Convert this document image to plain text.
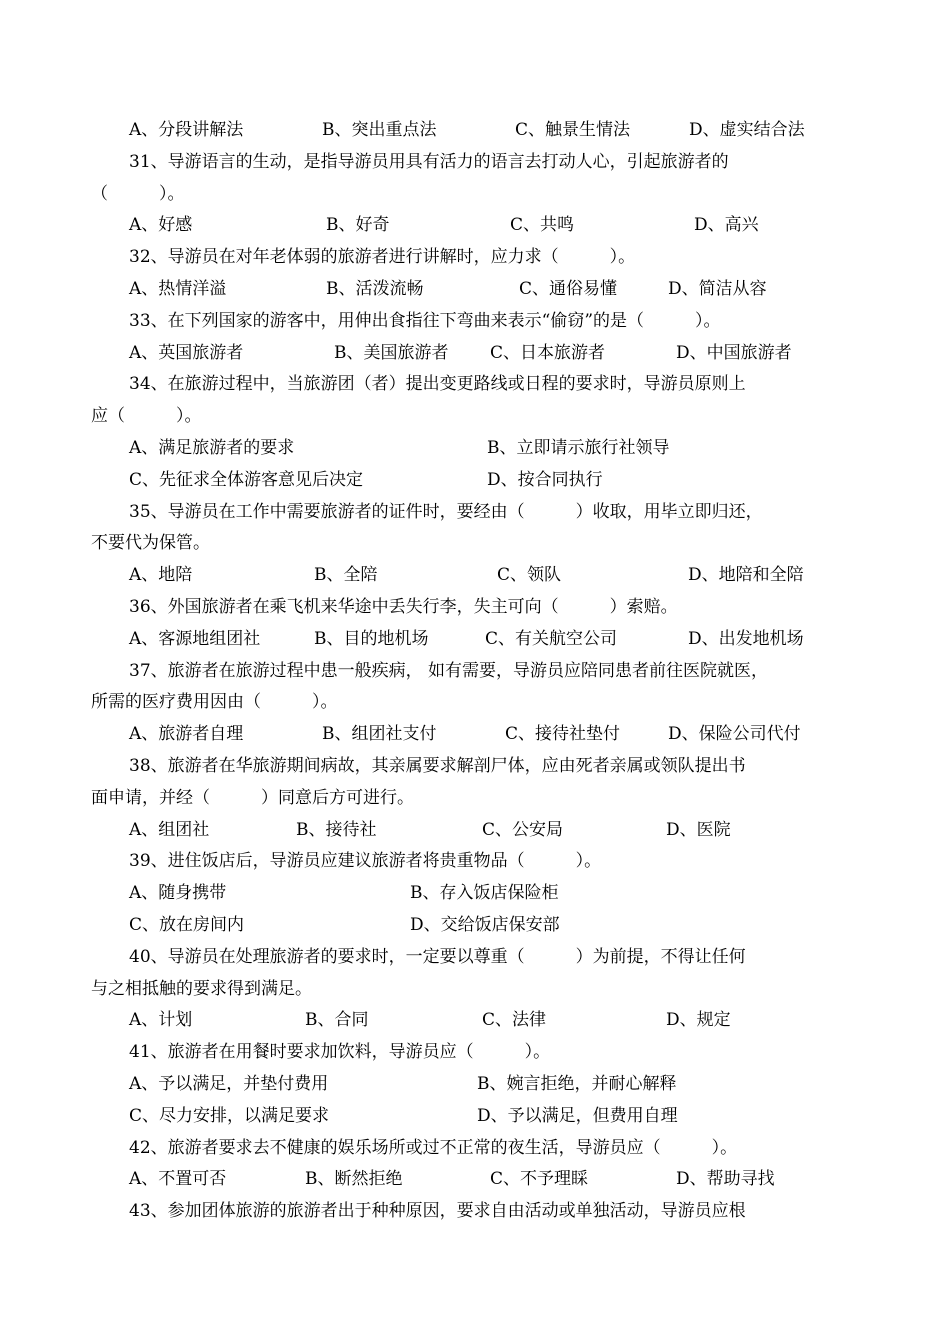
A、分段讲解法	B、突出重点法	C、触景生情法	D、虚实结合法
31、导游语言的生动，是指导游员用具有活力的语言去打动人心，引起旅游者的
（　　　）。
A、好感	B、好奇	C、共鸣	D、高兴
32、导游员在对年老体弱的旅游者进行讲解时，应力求（　　　）。
A、热情洋溢	B、活泼流畅	C、通俗易懂	D、简洁从容
33、在下列国家的游客中，用伸出食指往下弯曲来表示“偷窃”的是（　　　）。
A、英国旅游者	B、美国旅游者 C、日本旅游者	D、中国旅游者
34、在旅游过程中，当旅游团（者）提出变更路线或日程的要求时，导游员原则上
应（　　　）。
A、满足旅游者的要求	B、立即请示旅行社领导
C、先征求全体游客意见后决定	D、按合同执行
35、导游员在工作中需要旅游者的证件时，要经由（　　　）收取，用毕立即归还，
不要代为保管。
A、地陪	B、全陪	C、领队	D、地陪和全陪
36、外国旅游者在乘飞机来华途中丢失行李，失主可向（　　　）索赔。
A、客源地组团社	B、目的地机场	C、有关航空公司	D、出发地机场
37、旅游者在旅游过程中患一般疾病， 如有需要，导游员应陪同患者前往医院就医，
所需的医疗费用因由（　　　）。
A、旅游者自理	B、组团社支付	C、接待社垫付	D、保险公司代付
38、旅游者在华旅游期间病故，其亲属要求解剖尸体，应由死者亲属或领队提出书
面申请，并经（　　　）同意后方可进行。
A、组团社	B、接待社	C、公安局	D、医院
39、进住饭店后，导游员应建议旅游者将贵重物品（　　　）。
A、随身携带	B、存入饭店保险柜
C、放在房间内	D、交给饭店保安部
40、导游员在处理旅游者的要求时，一定要以尊重（　　　）为前提，不得让任何
与之相抵触的要求得到满足。
A、计划	B、合同	C、法律	D、规定
41、旅游者在用餐时要求加饮料，导游员应（　　　）。
A、予以满足，并垫付费用	B、婉言拒绝，并耐心解释
C、尽力安排，以满足要求	D、予以满足，但费用自理
42、旅游者要求去不健康的娱乐场所或过不正常的夜生活，导游员应（　　　）。
A、不置可否	B、断然拒绝	C、不予理睬	D、帮助寻找
43、参加团体旅游的旅游者出于种种原因，要求自由活动或单独活动，导游员应根
